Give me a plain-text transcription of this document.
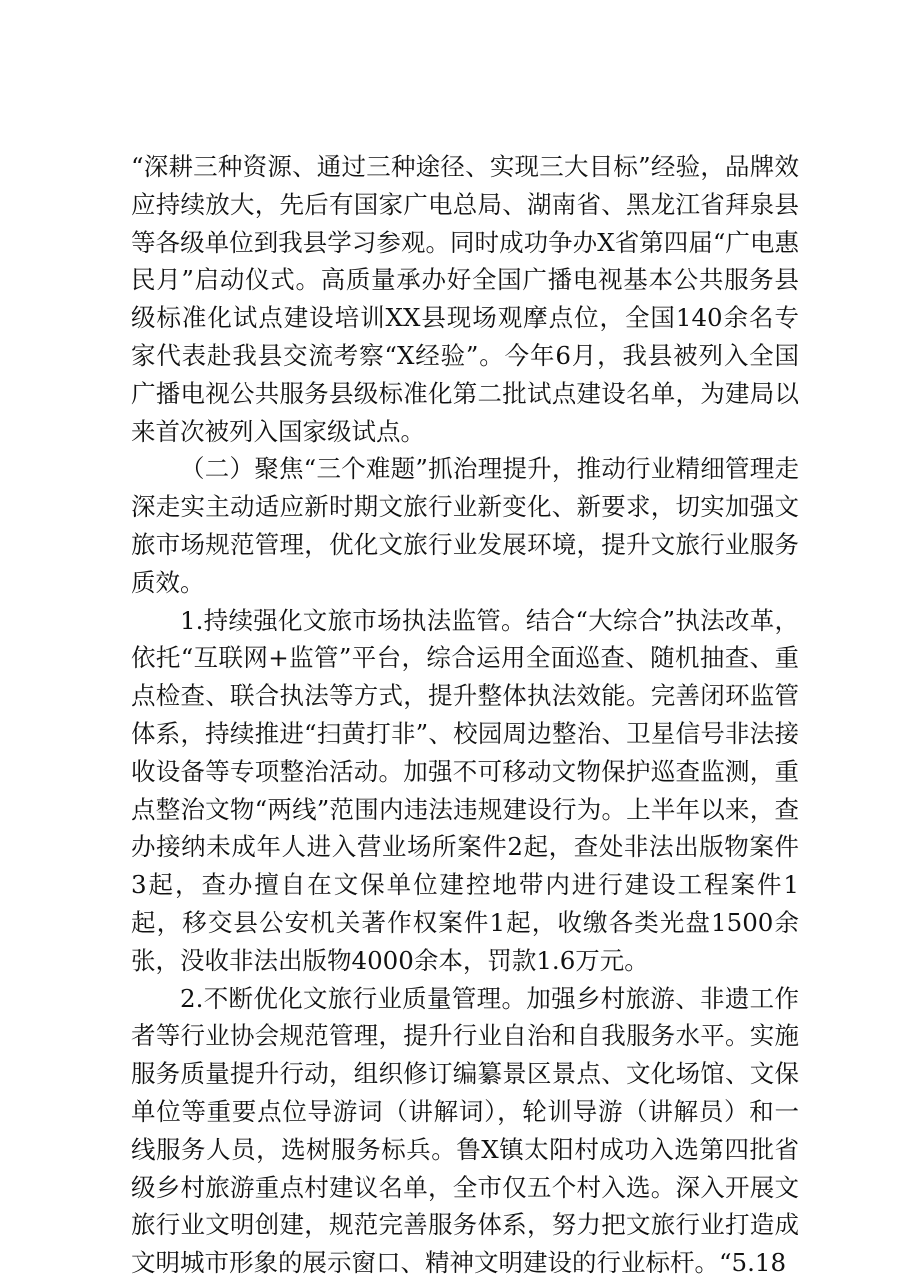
“深耕三种资源、通过三种途径、实现三大目标”经验，品牌效应持续放大，先后有国家广电总局、湖南省、黑龙江省拜泉县等各级单位到我县学习参观。同时成功争办X省第四届“广电惠民月”启动仪式。高质量承办好全国广播电视基本公共服务县级标准化试点建设培训XX县现场观摩点位，全国140余名专家代表赴我县交流考察“X经验”。今年6月，我县被列入全国广播电视公共服务县级标准化第二批试点建设名单，为建局以来首次被列入国家级试点。

（二）聚焦“三个难题”抓治理提升，推动行业精细管理走深走实主动适应新时期文旅行业新变化、新要求，切实加强文旅市场规范管理，优化文旅行业发展环境，提升文旅行业服务质效。

1.持续强化文旅市场执法监管。结合“大综合”执法改革，依托“互联网+监管”平台，综合运用全面巡查、随机抽查、重点检查、联合执法等方式，提升整体执法效能。完善闭环监管体系，持续推进“扫黄打非”、校园周边整治、卫星信号非法接收设备等专项整治活动。加强不可移动文物保护巡查监测，重点整治文物“两线”范围内违法违规建设行为。上半年以来，查办接纳未成年人进入营业场所案件2起，查处非法出版物案件3起，查办擅自在文保单位建控地带内进行建设工程案件1起，移交县公安机关著作权案件1起，收缴各类光盘1500余张，没收非法出版物4000余本，罚款1.6万元。

2.不断优化文旅行业质量管理。加强乡村旅游、非遗工作者等行业协会规范管理，提升行业自治和自我服务水平。实施服务质量提升行动，组织修订编纂景区景点、文化场馆、文保单位等重要点位导游词（讲解词），轮训导游（讲解员）和一线服务人员，选树服务标兵。鲁X镇太阳村成功入选第四批省级乡村旅游重点村建议名单，全市仅五个村入选。深入开展文旅行业文明创建，规范完善服务体系，努力把文旅行业打造成文明城市形象的展示窗口、精神文明建设的行业标杆。“5.18
